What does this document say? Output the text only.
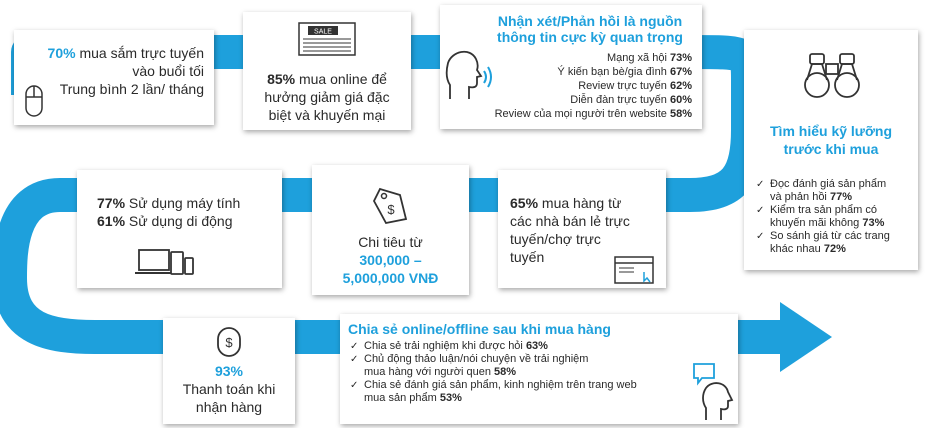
70% mua sắm trực tuyến
vào buổi tối
Trung bình 2 lần/ tháng
SALE
85% mua online để
hưởng giảm giá đặc
biệt và khuyến mại
Nhận xét/Phản hồi là nguồn
thông tin cực kỳ quan trọng
Mạng xã hội 73%
Ý kiến bạn bè/gia đình 67%
Review trực tuyến 62%
Diễn đàn trực tuyến 60%
Review của mọi người trên website 58%
Tìm hiểu kỹ lưỡng
trước khi mua
✓ Đọc đánh giá sản phẩm
và phản hồi 77%
✓ Kiểm tra sản phẩm có
khuyến mãi không 73%
✓ So sánh giá từ các trang
khác nhau 72%
77% Sử dụng máy tính
61% Sử dụng di động
$
Chi tiêu từ
300,000 –
5,000,000 VNĐ
65% mua hàng từ
các nhà bán lẻ trực
tuyến/chợ trực
tuyến
$
93%
Thanh toán khi
nhận hàng
Chia sẻ online/offline sau khi mua hàng
✓ Chia sẻ trải nghiệm khi được hỏi 63%
✓ Chủ động thảo luận/nói chuyện về trải nghiệm
mua hàng với người quen 58%
✓ Chia sẻ đánh giá sản phẩm, kinh nghiệm trên trang web
mua sản phẩm 53%
